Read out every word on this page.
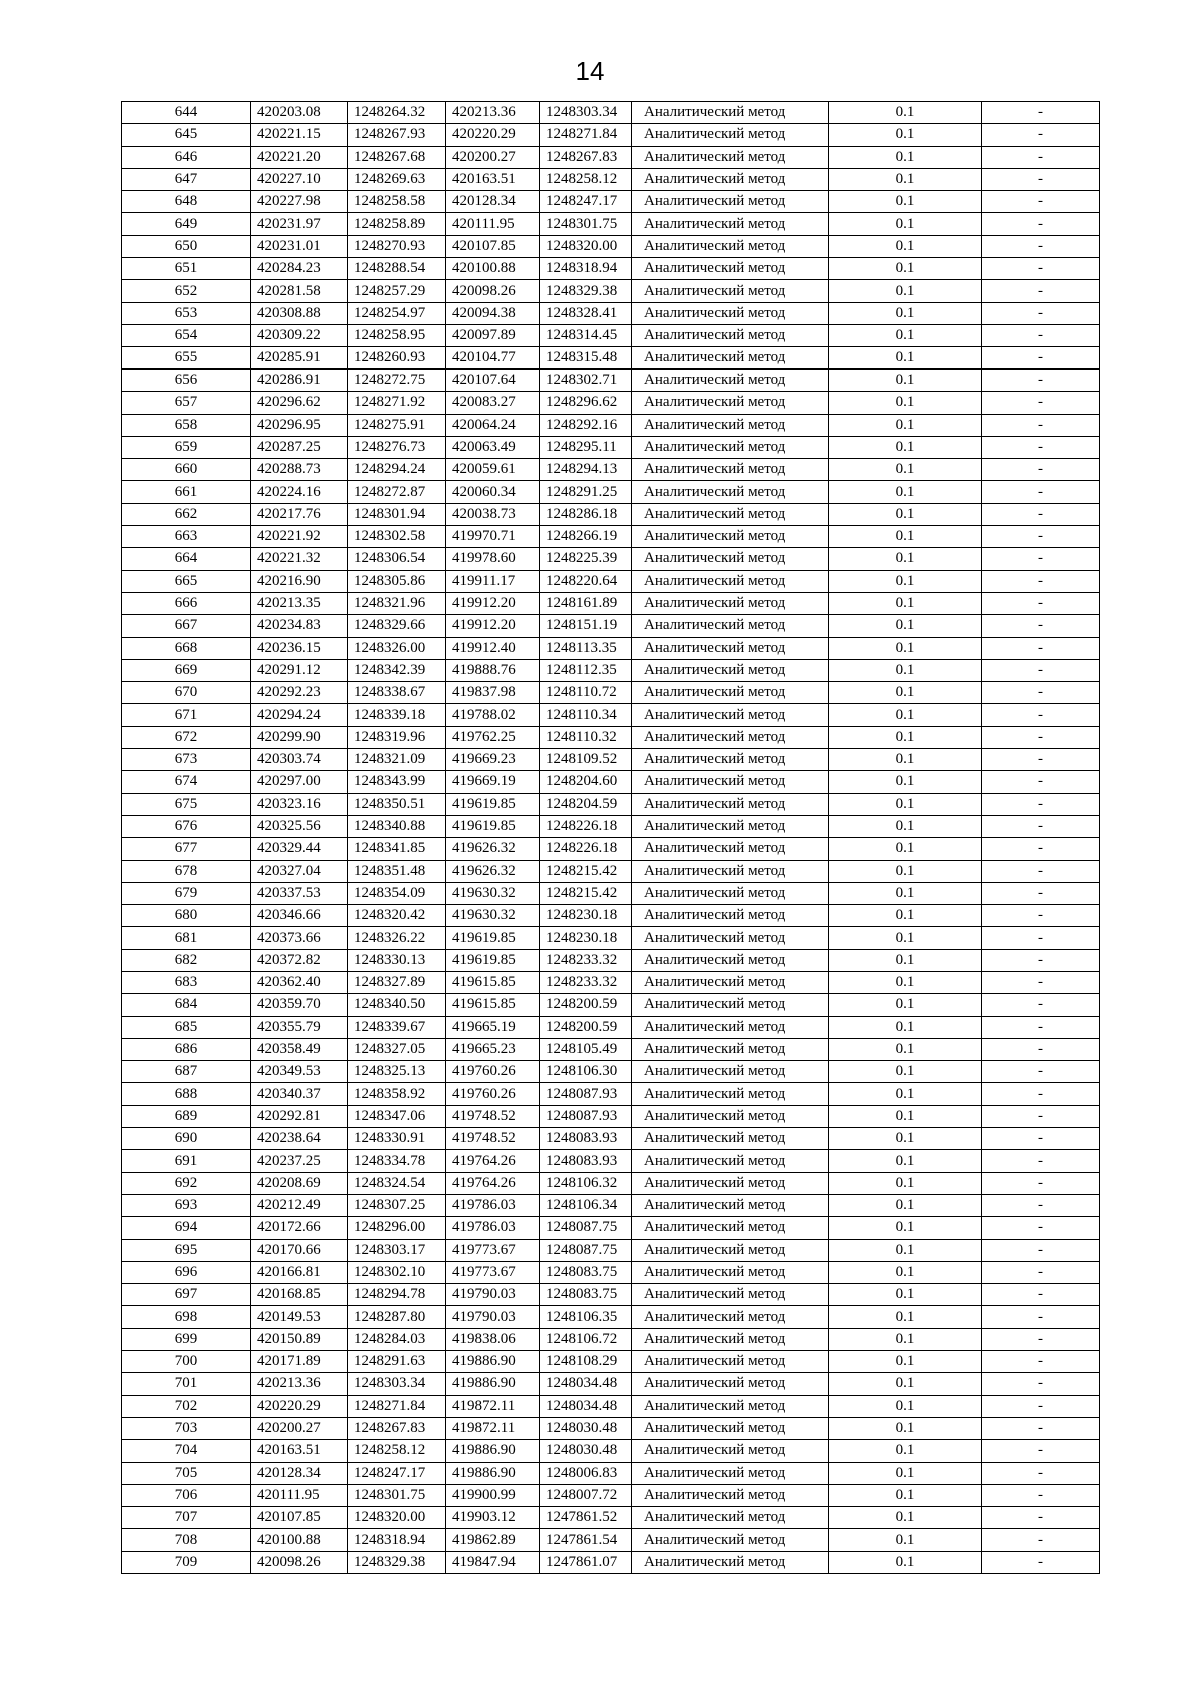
14
644	420203.08	1248264.32	420213.36	1248303.34	Аналитический метод	0.1	-
645	420221.15	1248267.93	420220.29	1248271.84	Аналитический метод	0.1	-
646	420221.20	1248267.68	420200.27	1248267.83	Аналитический метод	0.1	-
647	420227.10	1248269.63	420163.51	1248258.12	Аналитический метод	0.1	-
648	420227.98	1248258.58	420128.34	1248247.17	Аналитический метод	0.1	-
649	420231.97	1248258.89	420111.95	1248301.75	Аналитический метод	0.1	-
650	420231.01	1248270.93	420107.85	1248320.00	Аналитический метод	0.1	-
651	420284.23	1248288.54	420100.88	1248318.94	Аналитический метод	0.1	-
652	420281.58	1248257.29	420098.26	1248329.38	Аналитический метод	0.1	-
653	420308.88	1248254.97	420094.38	1248328.41	Аналитический метод	0.1	-
654	420309.22	1248258.95	420097.89	1248314.45	Аналитический метод	0.1	-
655	420285.91	1248260.93	420104.77	1248315.48	Аналитический метод	0.1	-
656	420286.91	1248272.75	420107.64	1248302.71	Аналитический метод	0.1	-
657	420296.62	1248271.92	420083.27	1248296.62	Аналитический метод	0.1	-
658	420296.95	1248275.91	420064.24	1248292.16	Аналитический метод	0.1	-
659	420287.25	1248276.73	420063.49	1248295.11	Аналитический метод	0.1	-
660	420288.73	1248294.24	420059.61	1248294.13	Аналитический метод	0.1	-
661	420224.16	1248272.87	420060.34	1248291.25	Аналитический метод	0.1	-
662	420217.76	1248301.94	420038.73	1248286.18	Аналитический метод	0.1	-
663	420221.92	1248302.58	419970.71	1248266.19	Аналитический метод	0.1	-
664	420221.32	1248306.54	419978.60	1248225.39	Аналитический метод	0.1	-
665	420216.90	1248305.86	419911.17	1248220.64	Аналитический метод	0.1	-
666	420213.35	1248321.96	419912.20	1248161.89	Аналитический метод	0.1	-
667	420234.83	1248329.66	419912.20	1248151.19	Аналитический метод	0.1	-
668	420236.15	1248326.00	419912.40	1248113.35	Аналитический метод	0.1	-
669	420291.12	1248342.39	419888.76	1248112.35	Аналитический метод	0.1	-
670	420292.23	1248338.67	419837.98	1248110.72	Аналитический метод	0.1	-
671	420294.24	1248339.18	419788.02	1248110.34	Аналитический метод	0.1	-
672	420299.90	1248319.96	419762.25	1248110.32	Аналитический метод	0.1	-
673	420303.74	1248321.09	419669.23	1248109.52	Аналитический метод	0.1	-
674	420297.00	1248343.99	419669.19	1248204.60	Аналитический метод	0.1	-
675	420323.16	1248350.51	419619.85	1248204.59	Аналитический метод	0.1	-
676	420325.56	1248340.88	419619.85	1248226.18	Аналитический метод	0.1	-
677	420329.44	1248341.85	419626.32	1248226.18	Аналитический метод	0.1	-
678	420327.04	1248351.48	419626.32	1248215.42	Аналитический метод	0.1	-
679	420337.53	1248354.09	419630.32	1248215.42	Аналитический метод	0.1	-
680	420346.66	1248320.42	419630.32	1248230.18	Аналитический метод	0.1	-
681	420373.66	1248326.22	419619.85	1248230.18	Аналитический метод	0.1	-
682	420372.82	1248330.13	419619.85	1248233.32	Аналитический метод	0.1	-
683	420362.40	1248327.89	419615.85	1248233.32	Аналитический метод	0.1	-
684	420359.70	1248340.50	419615.85	1248200.59	Аналитический метод	0.1	-
685	420355.79	1248339.67	419665.19	1248200.59	Аналитический метод	0.1	-
686	420358.49	1248327.05	419665.23	1248105.49	Аналитический метод	0.1	-
687	420349.53	1248325.13	419760.26	1248106.30	Аналитический метод	0.1	-
688	420340.37	1248358.92	419760.26	1248087.93	Аналитический метод	0.1	-
689	420292.81	1248347.06	419748.52	1248087.93	Аналитический метод	0.1	-
690	420238.64	1248330.91	419748.52	1248083.93	Аналитический метод	0.1	-
691	420237.25	1248334.78	419764.26	1248083.93	Аналитический метод	0.1	-
692	420208.69	1248324.54	419764.26	1248106.32	Аналитический метод	0.1	-
693	420212.49	1248307.25	419786.03	1248106.34	Аналитический метод	0.1	-
694	420172.66	1248296.00	419786.03	1248087.75	Аналитический метод	0.1	-
695	420170.66	1248303.17	419773.67	1248087.75	Аналитический метод	0.1	-
696	420166.81	1248302.10	419773.67	1248083.75	Аналитический метод	0.1	-
697	420168.85	1248294.78	419790.03	1248083.75	Аналитический метод	0.1	-
698	420149.53	1248287.80	419790.03	1248106.35	Аналитический метод	0.1	-
699	420150.89	1248284.03	419838.06	1248106.72	Аналитический метод	0.1	-
700	420171.89	1248291.63	419886.90	1248108.29	Аналитический метод	0.1	-
701	420213.36	1248303.34	419886.90	1248034.48	Аналитический метод	0.1	-
702	420220.29	1248271.84	419872.11	1248034.48	Аналитический метод	0.1	-
703	420200.27	1248267.83	419872.11	1248030.48	Аналитический метод	0.1	-
704	420163.51	1248258.12	419886.90	1248030.48	Аналитический метод	0.1	-
705	420128.34	1248247.17	419886.90	1248006.83	Аналитический метод	0.1	-
706	420111.95	1248301.75	419900.99	1248007.72	Аналитический метод	0.1	-
707	420107.85	1248320.00	419903.12	1247861.52	Аналитический метод	0.1	-
708	420100.88	1248318.94	419862.89	1247861.54	Аналитический метод	0.1	-
709	420098.26	1248329.38	419847.94	1247861.07	Аналитический метод	0.1	-
